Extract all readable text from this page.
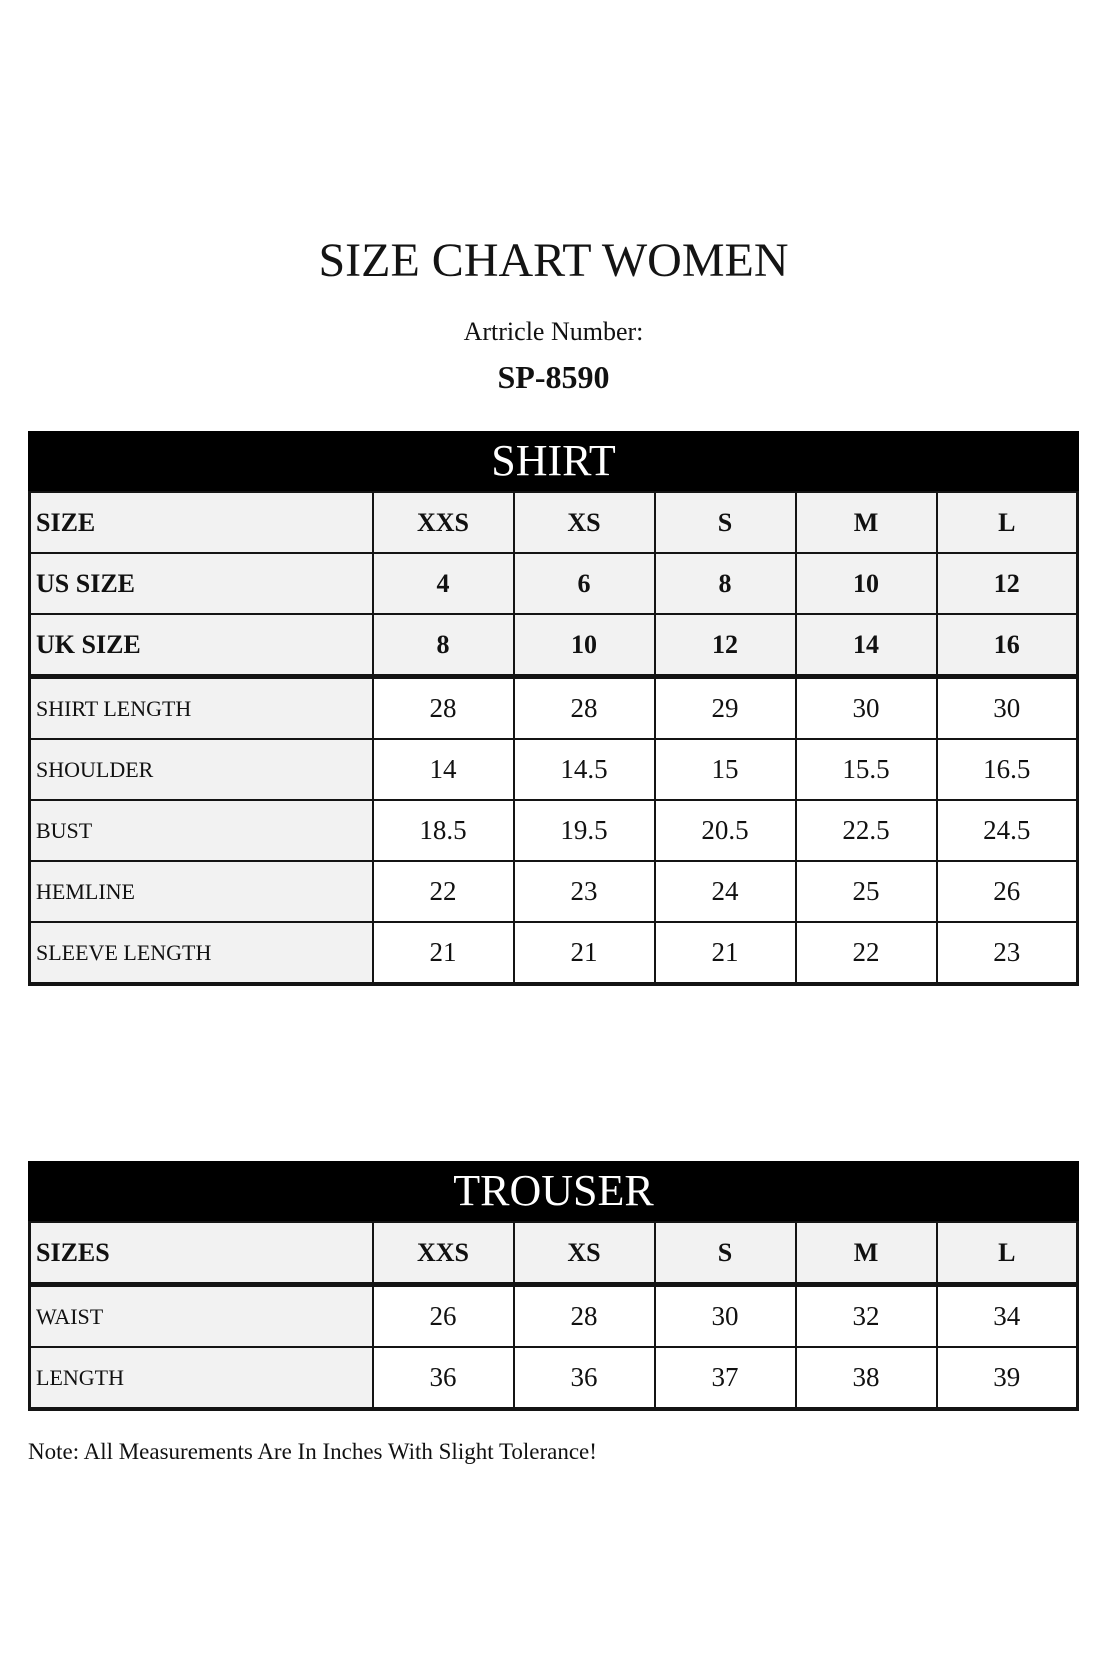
SIZE CHART WOMEN
Artricle Number:
SP-8590
SHIRT
SIZE	XXS	XS	S	M	L
US SIZE	4	6	8	10	12
UK SIZE	8	10	12	14	16
SHIRT LENGTH	28	28	29	30	30
SHOULDER	14	14.5	15	15.5	16.5
BUST	18.5	19.5	20.5	22.5	24.5
HEMLINE	22	23	24	25	26
SLEEVE LENGTH	21	21	21	22	23
TROUSER
SIZES	XXS	XS	S	M	L
WAIST	26	28	30	32	34
LENGTH	36	36	37	38	39
Note: All Measurements Are In Inches With Slight Tolerance!
